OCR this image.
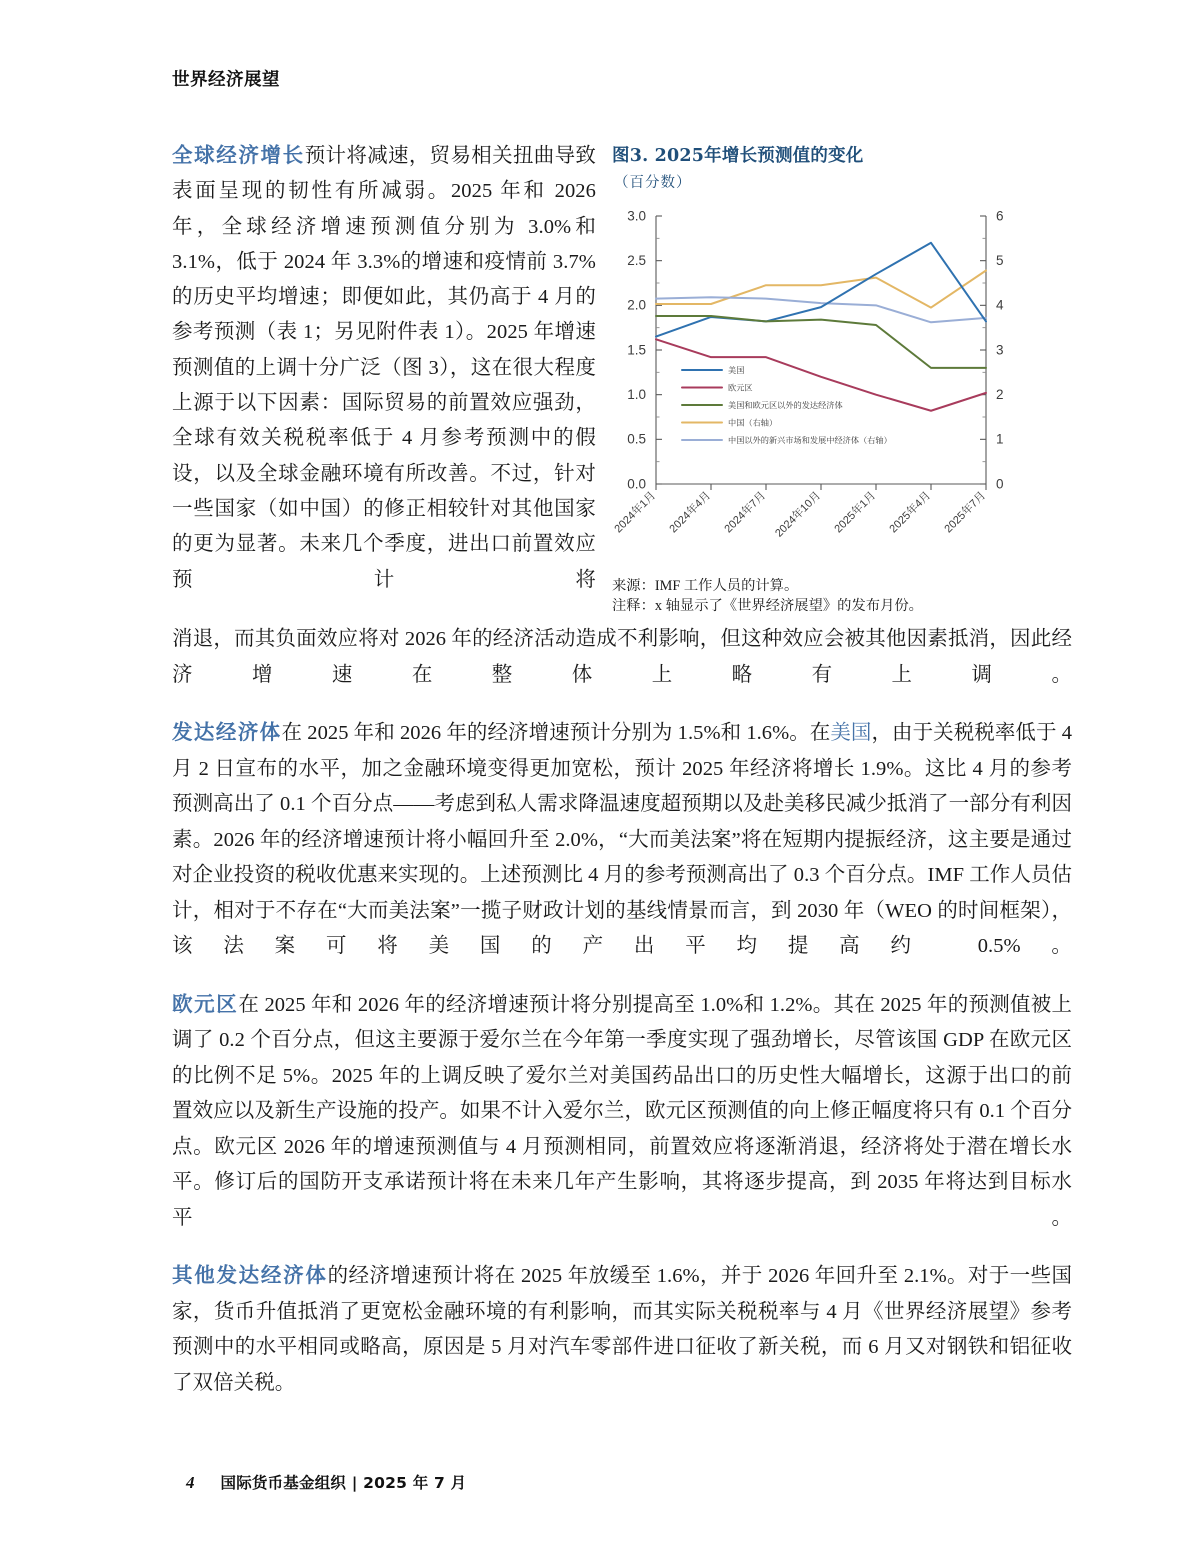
世界经济展望

全球经济增长预计将减速，贸易相关扭曲导致表面呈现的韧性有所减弱。2025 年和 2026 年，全球经济增速预测值分别为 3.0%和 3.1%，低于 2024 年 3.3%的增速和疫情前 3.7%的历史平均增速；即便如此，其仍高于 4 月的参考预测（表 1；另见附件表 1）。2025 年增速预测值的上调十分广泛（图 3），这在很大程度上源于以下因素：国际贸易的前置效应强劲，全球有效关税税率低于 4 月参考预测中的假设，以及全球金融环境有所改善。不过，针对一些国家（如中国）的修正相较针对其他国家的更为显著。未来几个季度，进出口前置效应预计将

图3. 2025年增长预测值的变化
（百分数）
0.0
0.5
1.0
1.5
2.0
2.5
3.0
0
1
2
3
4
5
6
2024年1月 2024年4月 2024年7月 2024年10月 2025年1月 2025年4月 2025年7月
美国
欧元区
美国和欧元区以外的发达经济体
中国（右轴）
中国以外的新兴市场和发展中经济体（右轴）
来源：IMF 工作人员的计算。
注释：x 轴显示了《世界经济展望》的发布月份。

消退，而其负面效应将对 2026 年的经济活动造成不利影响，但这种效应会被其他因素抵消，因此经济增速在整体上略有上调。

发达经济体在 2025 年和 2026 年的经济增速预计分别为 1.5%和 1.6%。在美国，由于关税税率低于 4 月 2 日宣布的水平，加之金融环境变得更加宽松，预计 2025 年经济将增长 1.9%。这比 4 月的参考预测高出了 0.1 个百分点——考虑到私人需求降温速度超预期以及赴美移民减少抵消了一部分有利因素。2026 年的经济增速预计将小幅回升至 2.0%，“大而美法案”将在短期内提振经济，这主要是通过对企业投资的税收优惠来实现的。上述预测比 4 月的参考预测高出了 0.3 个百分点。IMF 工作人员估计，相对于不存在“大而美法案”一揽子财政计划的基线情景而言，到 2030 年（WEO 的时间框架），该法案可将美国的产出平均提高约 0.5%。

欧元区在 2025 年和 2026 年的经济增速预计将分别提高至 1.0%和 1.2%。其在 2025 年的预测值被上调了 0.2 个百分点，但这主要源于爱尔兰在今年第一季度实现了强劲增长，尽管该国 GDP 在欧元区的比例不足 5%。2025 年的上调反映了爱尔兰对美国药品出口的历史性大幅增长，这源于出口的前置效应以及新生产设施的投产。如果不计入爱尔兰，欧元区预测值的向上修正幅度将只有 0.1 个百分点。欧元区 2026 年的增速预测值与 4 月预测相同，前置效应将逐渐消退，经济将处于潜在增长水平。修订后的国防开支承诺预计将在未来几年产生影响，其将逐步提高，到 2035 年将达到目标水平。

其他发达经济体的经济增速预计将在 2025 年放缓至 1.6%，并于 2026 年回升至 2.1%。对于一些国家，货币升值抵消了更宽松金融环境的有利影响，而其实际关税税率与 4 月《世界经济展望》参考预测中的水平相同或略高，原因是 5 月对汽车零部件进口征收了新关税，而 6 月又对钢铁和铝征收了双倍关税。

4 国际货币基金组织 | 2025 年 7 月
